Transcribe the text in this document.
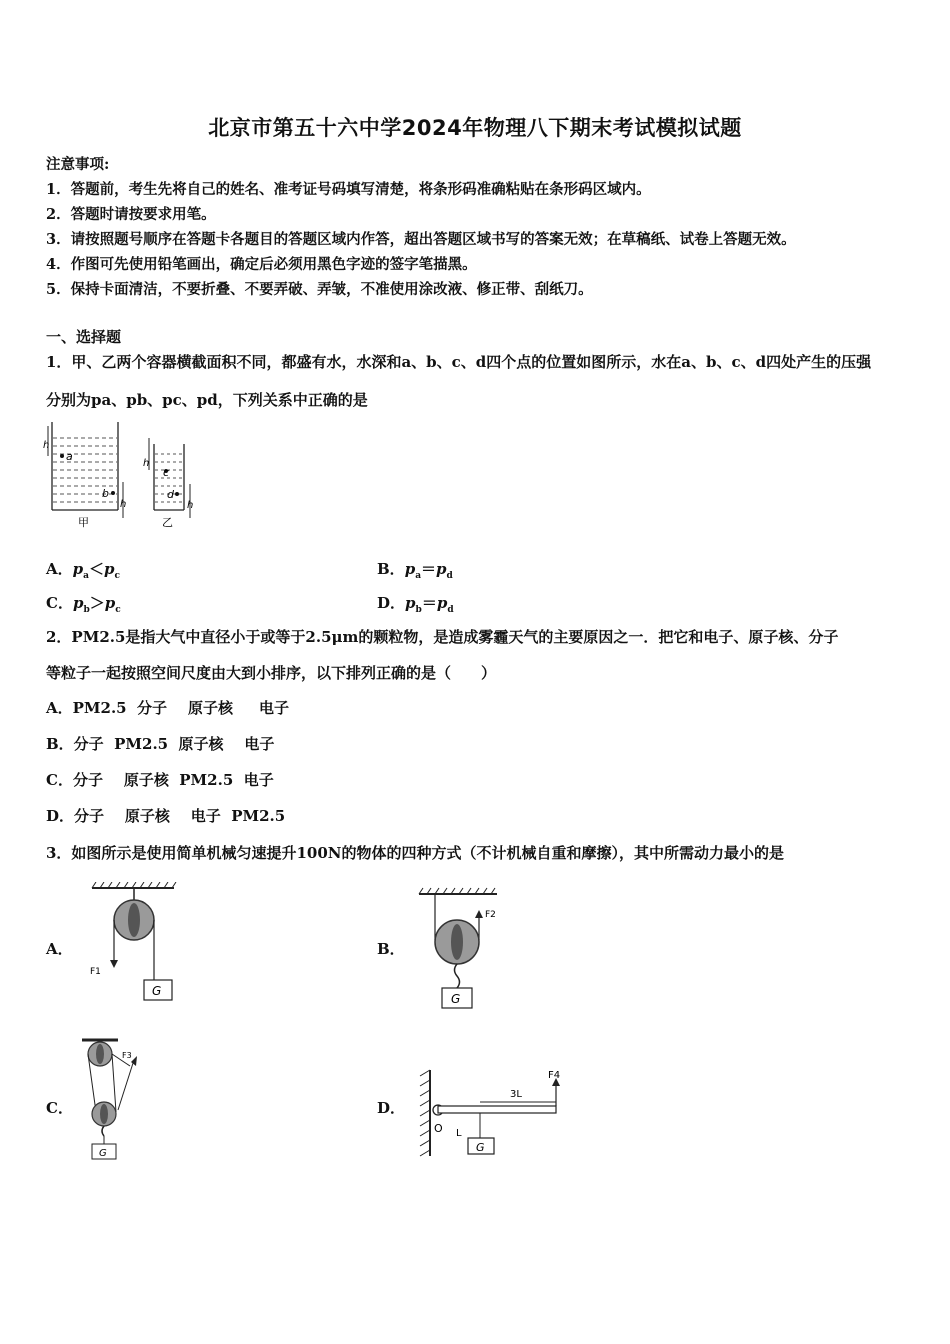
北京市第五十六中学2024年物理八下期末考试模拟试题
注意事项:
1．答题前，考生先将自己的姓名、准考证号码填写清楚，将条形码准确粘贴在条形码区域内。
2．答题时请按要求用笔。
3．请按照题号顺序在答题卡各题目的答题区域内作答，超出答题区域书写的答案无效；在草稿纸、试卷上答题无效。
4．作图可先使用铅笔画出，确定后必须用黑色字迹的签字笔描黑。
5．保持卡面清洁，不要折叠、不要弄破、弄皱，不准使用涂改液、修正带、刮纸刀。
一、选择题
1．甲、乙两个容器横截面积不同，都盛有水，水深和a、b、c、d四个点的位置如图所示，水在a、b、c、d四处产生的压强
分别为pa、pb、pc、pd，下列关系中正确的是
a
b
h
h
甲
c
d
h
h
乙
A．$p_a<p_c$	B．$p_a=p_d$
C．$p_b>p_c$	D．$p_b=p_d$
2．PM2.5是指大气中直径小于或等于2.5μm的颗粒物，是造成雾霾天气的主要原因之一．把它和电子、原子核、分子
等粒子一起按照空间尺度由大到小排序，以下排列正确的是（　　）
A．PM2.5  分子    原子核     电子
B．分子  PM2.5  原子核    电子
C．分子    原子核  PM2.5  电子
D．分子    原子核    电子  PM2.5
3．如图所示是使用简单机械匀速提升100N的物体的四种方式（不计机械自重和摩擦），其中所需动力最小的是
A．
F1
G
B．
F2
G
C．
F3
G
D．
3L
F4
O L
G
